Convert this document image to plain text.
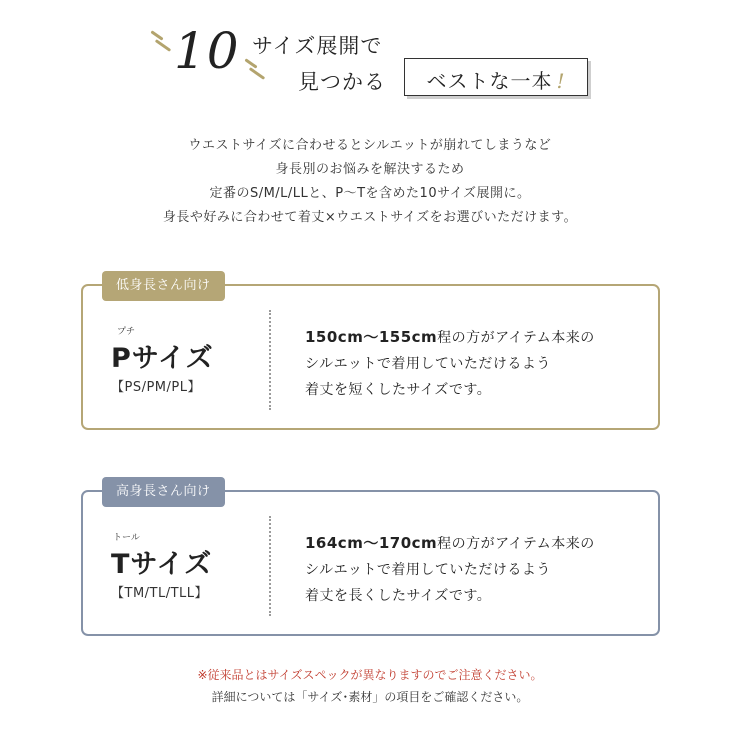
10 サイズ展開で
見つかる	ベストな一本 !
ウエストサイズに合わせるとシルエットが崩れてしまうなど
身長別のお悩みを解決するため
定番のS/M/L/LLと、P〜Tを含めた10サイズ展開に。
身長や好みに合わせて着丈×ウエストサイズをお選びいただけます。
低身長さん向け
プチ
Pサイズ
【PS/PM/PL】
150cm〜155cm程の方がアイテム本来の
シルエットで着用していただけるよう
着丈を短くしたサイズです。
高身長さん向け
トール
Tサイズ
【TM/TL/TLL】
164cm〜170cm程の方がアイテム本来の
シルエットで着用していただけるよう
着丈を長くしたサイズです。
※従来品とはサイズスペックが異なりますのでご注意ください。
詳細については「サイズ･素材」の項目をご確認ください。
